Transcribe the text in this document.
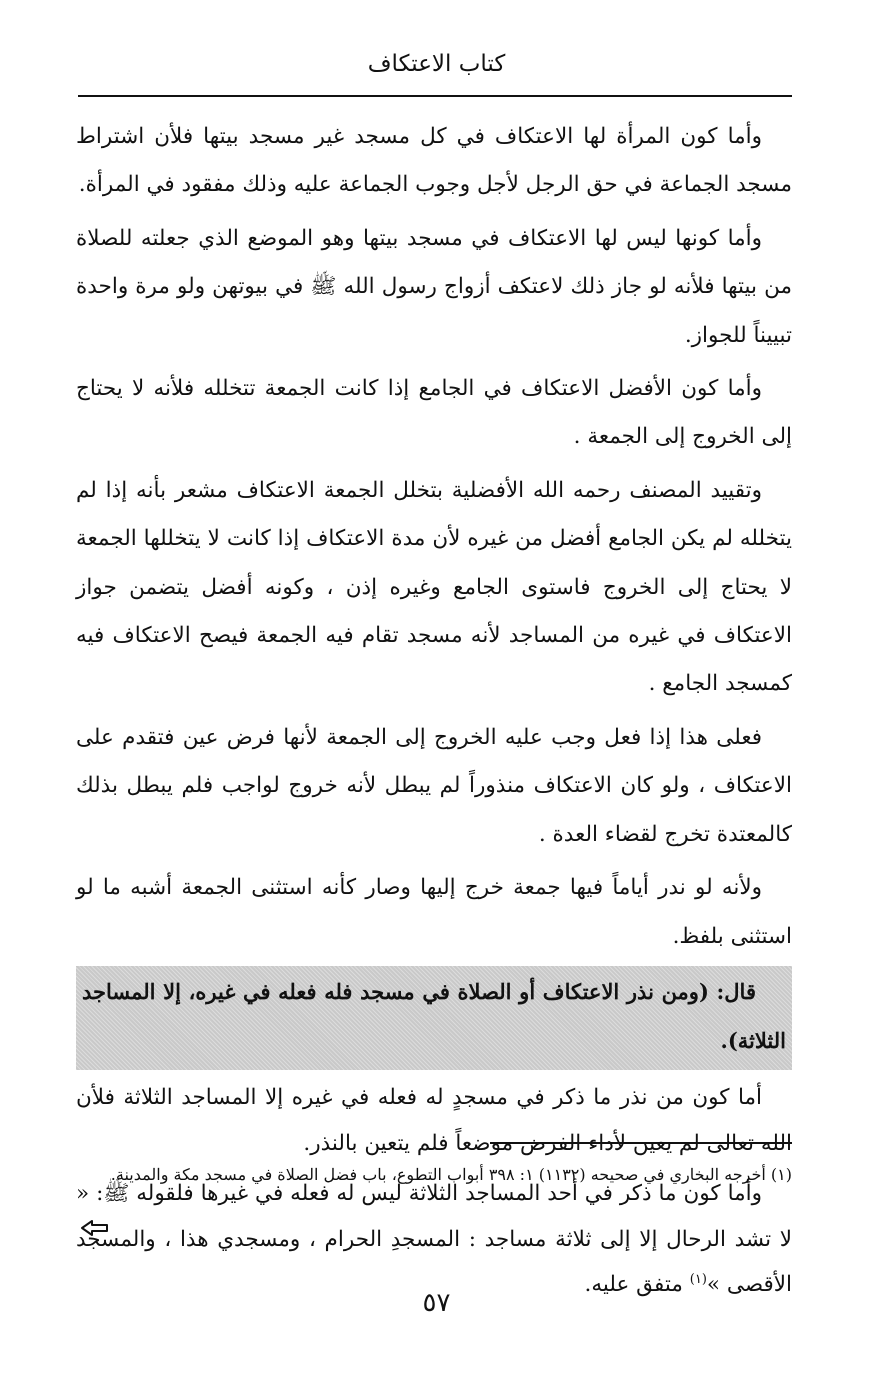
كتاب الاعتكاف

وأما كون المرأة لها الاعتكاف في كل مسجد غير مسجد بيتها فلأن اشتراط مسجد الجماعة في حق الرجل لأجل وجوب الجماعة عليه وذلك مفقود في المرأة.

وأما كونها ليس لها الاعتكاف في مسجد بيتها وهو الموضع الذي جعلته للصلاة من بيتها فلأنه لو جاز ذلك لاعتكف أزواج رسول الله ﷺ في بيوتهن ولو مرة واحدة تبييناً للجواز.

وأما كون الأفضل الاعتكاف في الجامع إذا كانت الجمعة تتخلله فلأنه لا يحتاج إلى الخروج إلى الجمعة .

وتقييد المصنف رحمه الله الأفضلية بتخلل الجمعة الاعتكاف مشعر بأنه إذا لم يتخلله لم يكن الجامع أفضل من غيره لأن مدة الاعتكاف إذا كانت لا يتخللها الجمعة لا يحتاج إلى الخروج فاستوى الجامع وغيره إذن ، وكونه أفضل يتضمن جواز الاعتكاف في غيره من المساجد لأنه مسجد تقام فيه الجمعة فيصح الاعتكاف فيه كمسجد الجامع .

فعلى هذا إذا فعل وجب عليه الخروج إلى الجمعة لأنها فرض عين فتقدم على الاعتكاف ، ولو كان الاعتكاف منذوراً لم يبطل لأنه خروج لواجب فلم يبطل بذلك كالمعتدة تخرج لقضاء العدة .

ولأنه لو ندر أياماً فيها جمعة خرج إليها وصار كأنه استثنى الجمعة أشبه ما لو استثنى بلفظ.

قال: (ومن نذر الاعتكاف أو الصلاة في مسجد فله فعله في غيره، إلا المساجد الثلاثة).

أما كون من نذر ما ذكر في مسجدٍ له فعله في غيره إلا المساجد الثلاثة فلأن الله تعالى لم يعين لأداء الفرض موضعاً فلم يتعين بالنذر.

وأما كون ما ذكر في أحد المساجد الثلاثة ليس له فعله في غيرها فلقوله ﷺ: « لا تشد الرحال إلا إلى ثلاثة مساجد : المسجدِ الحرام ، ومسجدي هذا ، والمسجد الأقصى »$^{(١)}$ متفق عليه.

(١) أخرجه البخاري في صحيحه (١١٣٢) ١: ٣٩٨ أبواب التطوع، باب فضل الصلاة في مسجد مكة والمدينة.

٥٧
